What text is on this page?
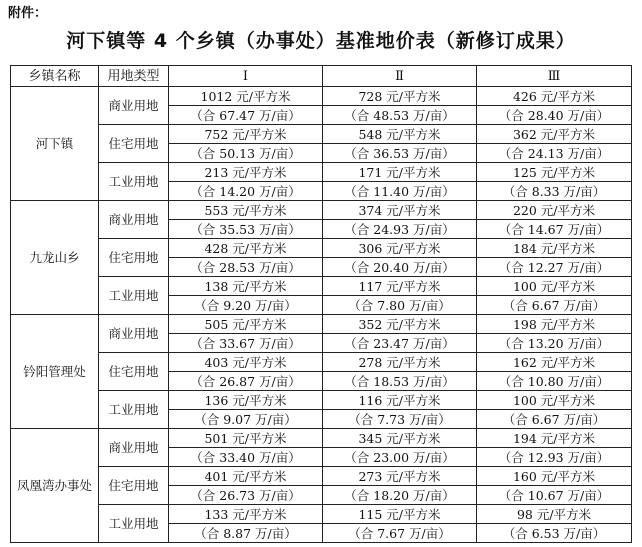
附件：
河下镇等 4 个乡镇（办事处）基准地价表（新修订成果）
乡镇名称	用地类型	Ⅰ	Ⅱ	Ⅲ
河下镇	商业用地	1012 元/平方米	728 元/平方米	426 元/平方米
		（合 67.47 万/亩）	（合 48.53 万/亩）	（合 28.40 万/亩）
	住宅用地	752 元/平方米	548 元/平方米	362 元/平方米
		（合 50.13 万/亩）	（合 36.53 万/亩）	（合 24.13 万/亩）
	工业用地	213 元/平方米	171 元/平方米	125 元/平方米
		（合 14.20 万/亩）	（合 11.40 万/亩）	（合 8.33 万/亩）
九龙山乡	商业用地	553 元/平方米	374 元/平方米	220 元/平方米
		（合 35.53 万/亩）	（合 24.93 万/亩）	（合 14.67 万/亩）
	住宅用地	428 元/平方米	306 元/平方米	184 元/平方米
		（合 28.53 万/亩）	（合 20.40 万/亩）	（合 12.27 万/亩）
	工业用地	138 元/平方米	117 元/平方米	100 元/平方米
		（合 9.20 万/亩）	（合 7.80 万/亩）	（合 6.67 万/亩）
钤阳管理处	商业用地	505 元/平方米	352 元/平方米	198 元/平方米
		（合 33.67 万/亩）	（合 23.47 万/亩）	（合 13.20 万/亩）
	住宅用地	403 元/平方米	278 元/平方米	162 元/平方米
		（合 26.87 万/亩）	（合 18.53 万/亩）	（合 10.80 万/亩）
	工业用地	136 元/平方米	116 元/平方米	100 元/平方米
		（合 9.07 万/亩）	（合 7.73 万/亩）	（合 6.67 万/亩）
凤凰湾办事处	商业用地	501 元/平方米	345 元/平方米	194 元/平方米
		（合 33.40 万/亩）	（合 23.00 万/亩）	（合 12.93 万/亩）
	住宅用地	401 元/平方米	273 元/平方米	160 元/平方米
		（合 26.73 万/亩）	（合 18.20 万/亩）	（合 10.67 万/亩）
	工业用地	133 元/平方米	115 元/平方米	98 元/平方米
		（合 8.87 万/亩）	（合 7.67 万/亩）	（合 6.53 万/亩）
